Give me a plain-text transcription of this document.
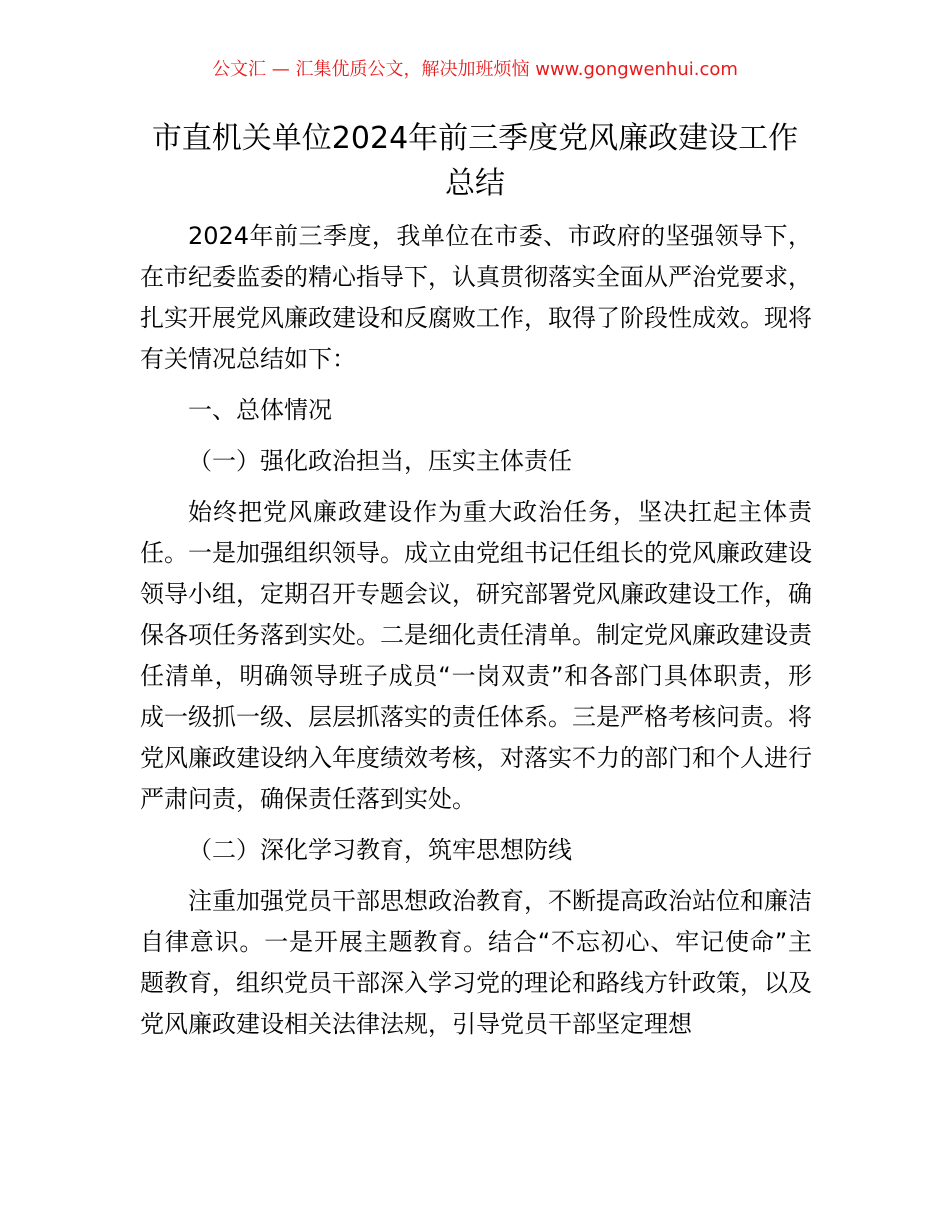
公文汇 — 汇集优质公文，解决加班烦恼 www.gongwenhui.com
市直机关单位2024年前三季度党风廉政建设工作总结

2024年前三季度，我单位在市委、市政府的坚强领导下，在市纪委监委的精心指导下，认真贯彻落实全面从严治党要求，扎实开展党风廉政建设和反腐败工作，取得了阶段性成效。现将有关情况总结如下：

一、总体情况

（一）强化政治担当，压实主体责任

始终把党风廉政建设作为重大政治任务，坚决扛起主体责任。一是加强组织领导。成立由党组书记任组长的党风廉政建设领导小组，定期召开专题会议，研究部署党风廉政建设工作，确保各项任务落到实处。二是细化责任清单。制定党风廉政建设责任清单，明确领导班子成员“一岗双责”和各部门具体职责，形成一级抓一级、层层抓落实的责任体系。三是严格考核问责。将党风廉政建设纳入年度绩效考核，对落实不力的部门和个人进行严肃问责，确保责任落到实处。

（二）深化学习教育，筑牢思想防线

注重加强党员干部思想政治教育，不断提高政治站位和廉洁自律意识。一是开展主题教育。结合“不忘初心、牢记使命”主题教育，组织党员干部深入学习党的理论和路线方针政策，以及党风廉政建设相关法律法规，引导党员干部坚定理想
